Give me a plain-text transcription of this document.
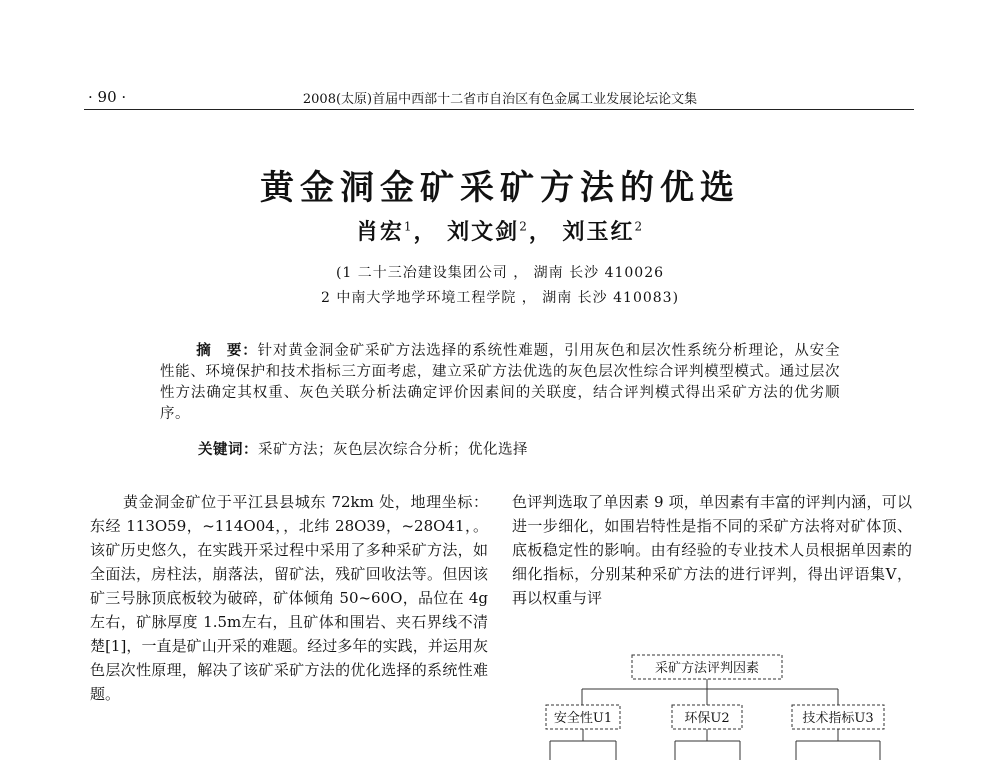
· 90 ·	2008(太原)首届中西部十二省市自治区有色金属工业发展论坛论文集
黄金洞金矿采矿方法的优选
肖宏$^1$， 刘文剑$^2$， 刘玉红$^2$
(1 二十三冶建设集团公司 ， 湖南 长沙 410026
2 中南大学地学环境工程学院 ， 湖南 长沙 410083)
摘　要：针对黄金洞金矿采矿方法选择的系统性难题，引用灰色和层次性系统分析理论，从安全性能、环境保护和技术指标三方面考虑，建立采矿方法优选的灰色层次性综合评判模型模式。通过层次性方法确定其权重、灰色关联分析法确定评价因素间的关联度，结合评判模式得出采矿方法的优劣顺序。
关键词：采矿方法；灰色层次综合分析；优化选择
黄金洞金矿位于平江县县城东 72km 处，地理坐标：东经 113O59，~114O04，，北纬 28O39，~28O41，。该矿历史悠久，在实践开采过程中采用了多种采矿方法，如全面法，房柱法，崩落法，留矿法，残矿回收法等。但因该矿三号脉顶底板较为破碎，矿体倾角 50~60O，品位在 4g 左右，矿脉厚度 1.5m左右，且矿体和围岩、夹石界线不清楚[1]，一直是矿山开采的难题。经过多年的实践，并运用灰色层次性原理，解决了该矿采矿方法的优化选择的系统性难题。
色评判选取了单因素 9 项，单因素有丰富的评判内涵，可以进一步细化，如围岩特性是指不同的采矿方法将对矿体顶、底板稳定性的影响。由有经验的专业技术人员根据单因素的细化指标，分别某种采矿方法的进行评判，得出评语集V，再以权重与评
采矿方法评判因素
安全性U1	环保U2	技术指标U3
